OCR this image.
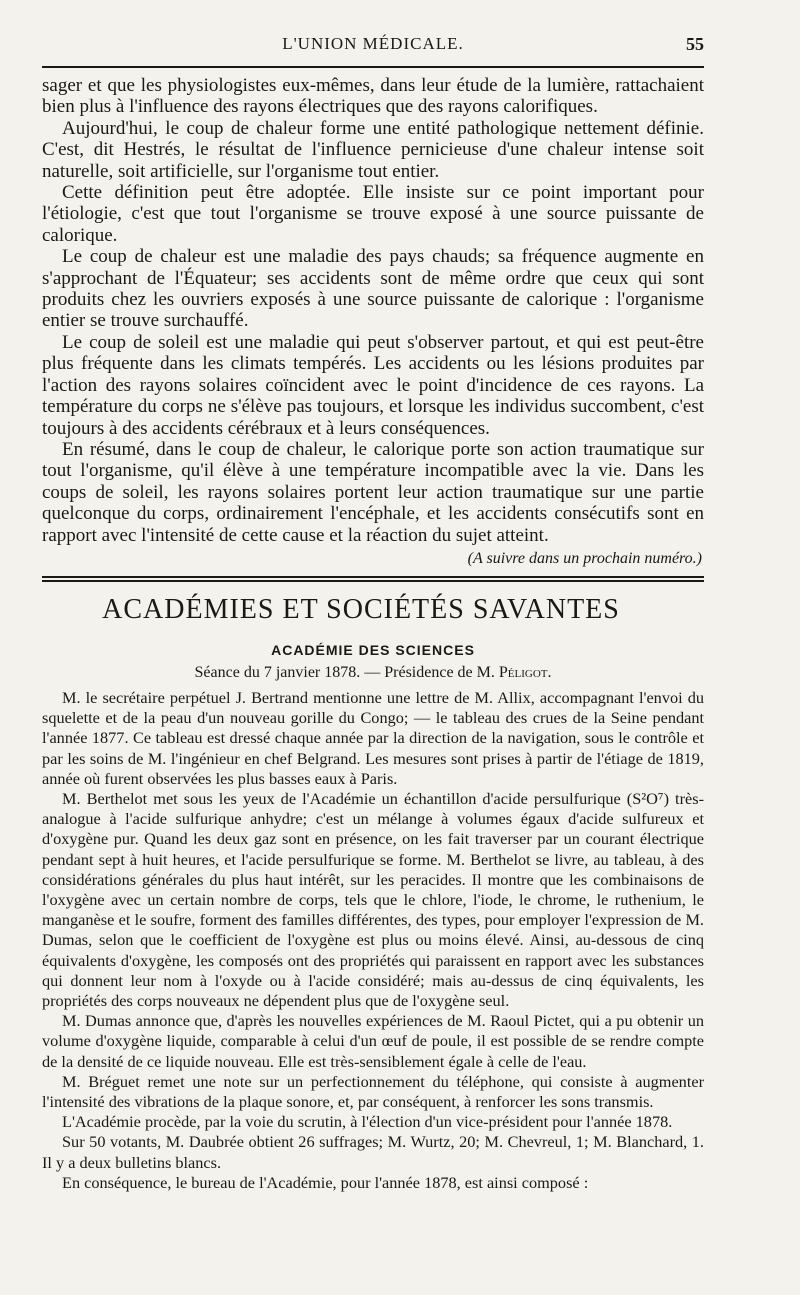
L'UNION MÉDICALE.	55

sager et que les physiologistes eux-mêmes, dans leur étude de la lumière, rattachaient bien plus à l'influence des rayons électriques que des rayons calorifiques.

Aujourd'hui, le coup de chaleur forme une entité pathologique nettement définie. C'est, dit Hestrés, le résultat de l'influence pernicieuse d'une chaleur intense soit naturelle, soit artificielle, sur l'organisme tout entier.

Cette définition peut être adoptée. Elle insiste sur ce point important pour l'étiologie, c'est que tout l'organisme se trouve exposé à une source puissante de calorique.

Le coup de chaleur est une maladie des pays chauds; sa fréquence augmente en s'approchant de l'Équateur; ses accidents sont de même ordre que ceux qui sont produits chez les ouvriers exposés à une source puissante de calorique : l'organisme entier se trouve surchauffé.

Le coup de soleil est une maladie qui peut s'observer partout, et qui est peut-être plus fréquente dans les climats tempérés. Les accidents ou les lésions produites par l'action des rayons solaires coïncident avec le point d'incidence de ces rayons. La température du corps ne s'élève pas toujours, et lorsque les individus succombent, c'est toujours à des accidents cérébraux et à leurs conséquences.

En résumé, dans le coup de chaleur, le calorique porte son action traumatique sur tout l'organisme, qu'il élève à une température incompatible avec la vie. Dans les coups de soleil, les rayons solaires portent leur action traumatique sur une partie quelconque du corps, ordinairement l'encéphale, et les accidents consécutifs sont en rapport avec l'intensité de cette cause et la réaction du sujet atteint.

(A suivre dans un prochain numéro.)
ACADÉMIES ET SOCIÉTÉS SAVANTES
ACADÉMIE DES SCIENCES
Séance du 7 janvier 1878. — Présidence de M. Péligot.

M. le secrétaire perpétuel J. Bertrand mentionne une lettre de M. Allix, accompagnant l'envoi du squelette et de la peau d'un nouveau gorille du Congo; — le tableau des crues de la Seine pendant l'année 1877. Ce tableau est dressé chaque année par la direction de la navigation, sous le contrôle et par les soins de M. l'ingénieur en chef Belgrand. Les mesures sont prises à partir de l'étiage de 1819, année où furent observées les plus basses eaux à Paris.

M. Berthelot met sous les yeux de l'Académie un échantillon d'acide persulfurique (S²O⁷) très-analogue à l'acide sulfurique anhydre; c'est un mélange à volumes égaux d'acide sulfureux et d'oxygène pur. Quand les deux gaz sont en présence, on les fait traverser par un courant électrique pendant sept à huit heures, et l'acide persulfurique se forme. M. Berthelot se livre, au tableau, à des considérations générales du plus haut intérêt, sur les peracides. Il montre que les combinaisons de l'oxygène avec un certain nombre de corps, tels que le chlore, l'iode, le chrome, le ruthenium, le manganèse et le soufre, forment des familles différentes, des types, pour employer l'expression de M. Dumas, selon que le coefficient de l'oxygène est plus ou moins élevé. Ainsi, au-dessous de cinq équivalents d'oxygène, les composés ont des propriétés qui paraissent en rapport avec les substances qui donnent leur nom à l'oxyde ou à l'acide considéré; mais au-dessus de cinq équivalents, les propriétés des corps nouveaux ne dépendent plus que de l'oxygène seul.

M. Dumas annonce que, d'après les nouvelles expériences de M. Raoul Pictet, qui a pu obtenir un volume d'oxygène liquide, comparable à celui d'un œuf de poule, il est possible de se rendre compte de la densité de ce liquide nouveau. Elle est très-sensiblement égale à celle de l'eau.

M. Bréguet remet une note sur un perfectionnement du téléphone, qui consiste à augmenter l'intensité des vibrations de la plaque sonore, et, par conséquent, à renforcer les sons transmis.

L'Académie procède, par la voie du scrutin, à l'élection d'un vice-président pour l'année 1878.

Sur 50 votants, M. Daubrée obtient 26 suffrages; M. Wurtz, 20; M. Chevreul, 1; M. Blanchard, 1. Il y a deux bulletins blancs.

En conséquence, le bureau de l'Académie, pour l'année 1878, est ainsi composé :
